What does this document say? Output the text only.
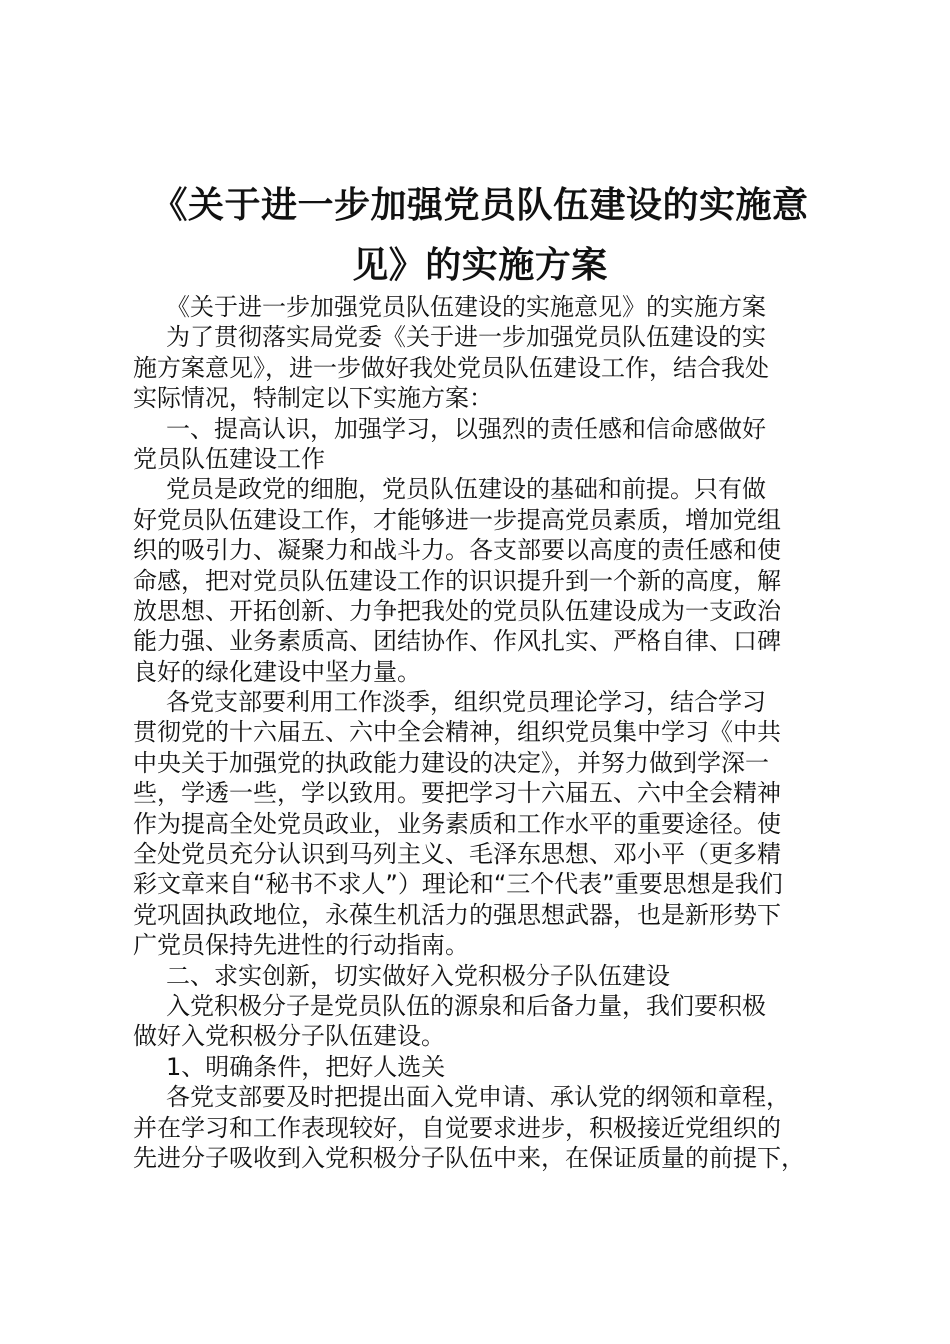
《关于进一步加强党员队伍建设的实施意
见》的实施方案
《关于进一步加强党员队伍建设的实施意见》的实施方案
为了贯彻落实局党委《关于进一步加强党员队伍建设的实
施方案意见》，进一步做好我处党员队伍建设工作，结合我处
实际情况，特制定以下实施方案：
一、提高认识，加强学习，以强烈的责任感和信命感做好
党员队伍建设工作
党员是政党的细胞，党员队伍建设的基础和前提。只有做
好党员队伍建设工作，才能够进一步提高党员素质，增加党组
织的吸引力、凝聚力和战斗力。各支部要以高度的责任感和使
命感，把对党员队伍建设工作的识识提升到一个新的高度，解
放思想、开拓创新、力争把我处的党员队伍建设成为一支政治
能力强、业务素质高、团结协作、作风扎实、严格自律、口碑
良好的绿化建设中坚力量。
各党支部要利用工作淡季，组织党员理论学习，结合学习
贯彻党的十六届五、六中全会精神，组织党员集中学习《中共
中央关于加强党的执政能力建设的决定》，并努力做到学深一
些，学透一些，学以致用。要把学习十六届五、六中全会精神
作为提高全处党员政业，业务素质和工作水平的重要途径。使
全处党员充分认识到马列主义、毛泽东思想、邓小平（更多精
彩文章来自“秘书不求人”）理论和“三个代表”重要思想是我们
党巩固执政地位，永葆生机活力的强思想武器，也是新形势下
广党员保持先进性的行动指南。
二、求实创新，切实做好入党积极分子队伍建设
入党积极分子是党员队伍的源泉和后备力量，我们要积极
做好入党积极分子队伍建设。
1、明确条件，把好人选关
各党支部要及时把提出面入党申请、承认党的纲领和章程，
并在学习和工作表现较好，自觉要求进步，积极接近党组织的
先进分子吸收到入党积极分子队伍中来，在保证质量的前提下，
